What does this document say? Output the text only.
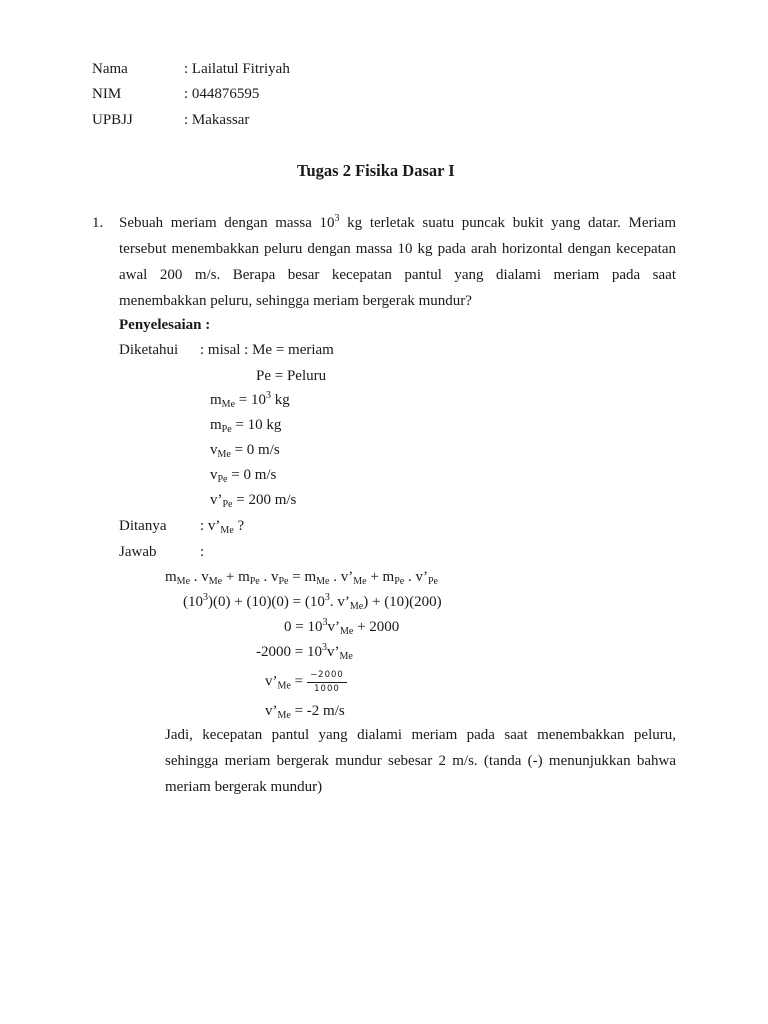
Nama	: Lailatul Fitriyah
NIM	: 044876595
UPBJJ	: Makassar
Tugas 2 Fisika Dasar I
1. Sebuah meriam dengan massa $10^3$ kg terletak suatu puncak bukit yang datar. Meriam
tersebut menembakkan peluru dengan massa 10 kg pada arah horizontal dengan kecepatan
awal 200 m/s. Berapa besar kecepatan pantul yang dialami meriam pada saat
menembakkan peluru, sehingga meriam bergerak mundur?
Penyelesaian :
Diketahui : misal : Me = meriam
Pe = Peluru
$m_{Me} = 10^3$ kg
$m_{Pe} = 10$ kg
$v_{Me} = 0$ m/s
$v_{Pe} = 0$ m/s
$v’_{Pe} = 200$ m/s
Ditanya : $v’_{Me}$ ?
Jawab	:
$m_{Me}$ . $v_{Me} + m_{Pe}$ . $v_{Pe} = m_{Me}$ . $v’_{Me} + m_{Pe}$ . $v’_{Pe}$
$(10^3)(0) + (10)(0) = (10^3$. $v’_{Me}) + (10)(200)$
$0 = 10^3v’_{Me} + 2000$
$-2000 = 10^3v’_{Me}$
$v’_{Me} = \frac{-2000}{1000}$
$v’_{Me} = -2$ m/s
Jadi, kecepatan pantul yang dialami meriam pada saat menembakkan peluru,
sehingga meriam bergerak mundur sebesar 2 m/s. (tanda (-) menunjukkan bahwa
meriam bergerak mundur)
